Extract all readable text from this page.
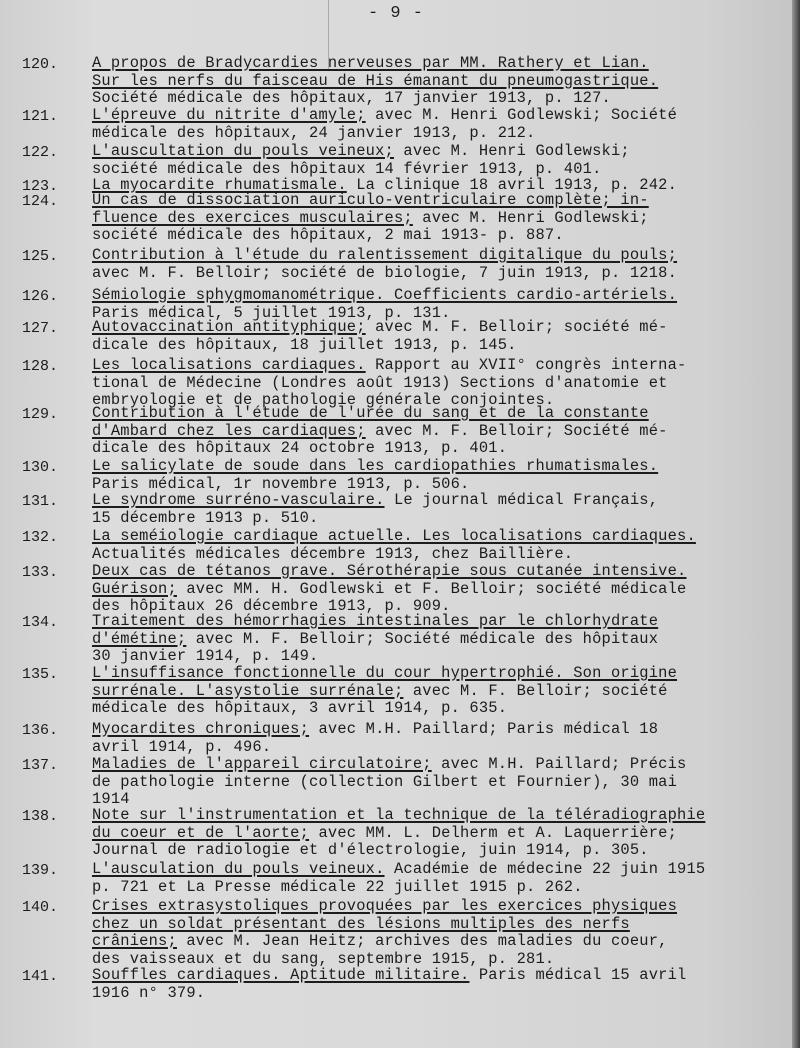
- 9 -
120. A propos de Bradycardies nerveuses par MM. Rathery et Lian.
Sur les nerfs du faisceau de His émanant du pneumogastrique.
Société médicale des hôpitaux, 17 janvier 1913, p. 127.
121. L'épreuve du nitrite d'amyle; avec M. Henri Godlewski; Société
médicale des hôpitaux, 24 janvier 1913, p. 212.
122. L'auscultation du pouls veineux; avec M. Henri Godlewski;
société médicale des hôpitaux 14 février 1913, p. 401.
123. La myocardite rhumatismale. La clinique 18 avril 1913, p. 242.
124. Un cas de dissociation auriculo-ventriculaire complète; in-
fluence des exercices musculaires; avec M. Henri Godlewski;
société médicale des hôpitaux, 2 mai 1913- p. 887.
125. Contribution à l'étude du ralentissement digitalique du pouls;
avec M. F. Belloir; société de biologie, 7 juin 1913, p. 1218.
126. Sémiologie sphygmomanométrique. Coefficients cardio-artériels.
Paris médical, 5 juillet 1913, p. 131.
127. Autovaccination antityphique; avec M. F. Belloir; société mé-
dicale des hôpitaux, 18 juillet 1913, p. 145.
128. Les localisations cardiaques. Rapport au XVII° congrès interna-
tional de Médecine (Londres août 1913) Sections d'anatomie et
embryologie et de pathologie générale conjointes.
129. Contribution à l'étude de l'urée du sang et de la constante
d'Ambard chez les cardiaques; avec M. F. Belloir; Société mé-
dicale des hôpitaux 24 octobre 1913, p. 401.
130. Le salicylate de soude dans les cardiopathies rhumatismales.
Paris médical, 1r novembre 1913, p. 506.
131. Le syndrome surréno-vasculaire. Le journal médical Français,
15 décembre 1913 p. 510.
132. La seméiologie cardiaque actuelle. Les localisations cardiaques.
Actualités médicales décembre 1913, chez Baillière.
133. Deux cas de tétanos grave. Sérothérapie sous cutanée intensive.
Guérison; avec MM. H. Godlewski et F. Belloir; société médicale
des hôpitaux 26 décembre 1913, p. 909.
134. Traitement des hémorrhagies intestinales par le chlorhydrate
d'émétine; avec M. F. Belloir; Société médicale des hôpitaux
30 janvier 1914, p. 149.
135. L'insuffisance fonctionnelle du cour hypertrophié. Son origine
surrénale. L'asystolie surrénale; avec M. F. Belloir; société
médicale des hôpitaux, 3 avril 1914, p. 635.
136. Myocardites chroniques; avec M.H. Paillard; Paris médical 18
avril 1914, p. 496.
137. Maladies de l'appareil circulatoire; avec M.H. Paillard; Précis
de pathologie interne (collection Gilbert et Fournier), 30 mai
1914
138. Note sur l'instrumentation et la technique de la téléradiographie
du coeur et de l'aorte; avec MM. L. Delherm et A. Laquerrière;
Journal de radiologie et d'électrologie, juin 1914, p. 305.
139. L'ausculation du pouls veineux. Académie de médecine 22 juin 1915
p. 721 et La Presse médicale 22 juillet 1915 p. 262.
140. Crises extrasystoliques provoquées par les exercices physiques
chez un soldat présentant des lésions multiples des nerfs
crâniens; avec M. Jean Heitz; archives des maladies du coeur,
des vaisseaux et du sang, septembre 1915, p. 281.
141. Souffles cardiaques. Aptitude militaire. Paris médical 15 avril
1916 n° 379.
